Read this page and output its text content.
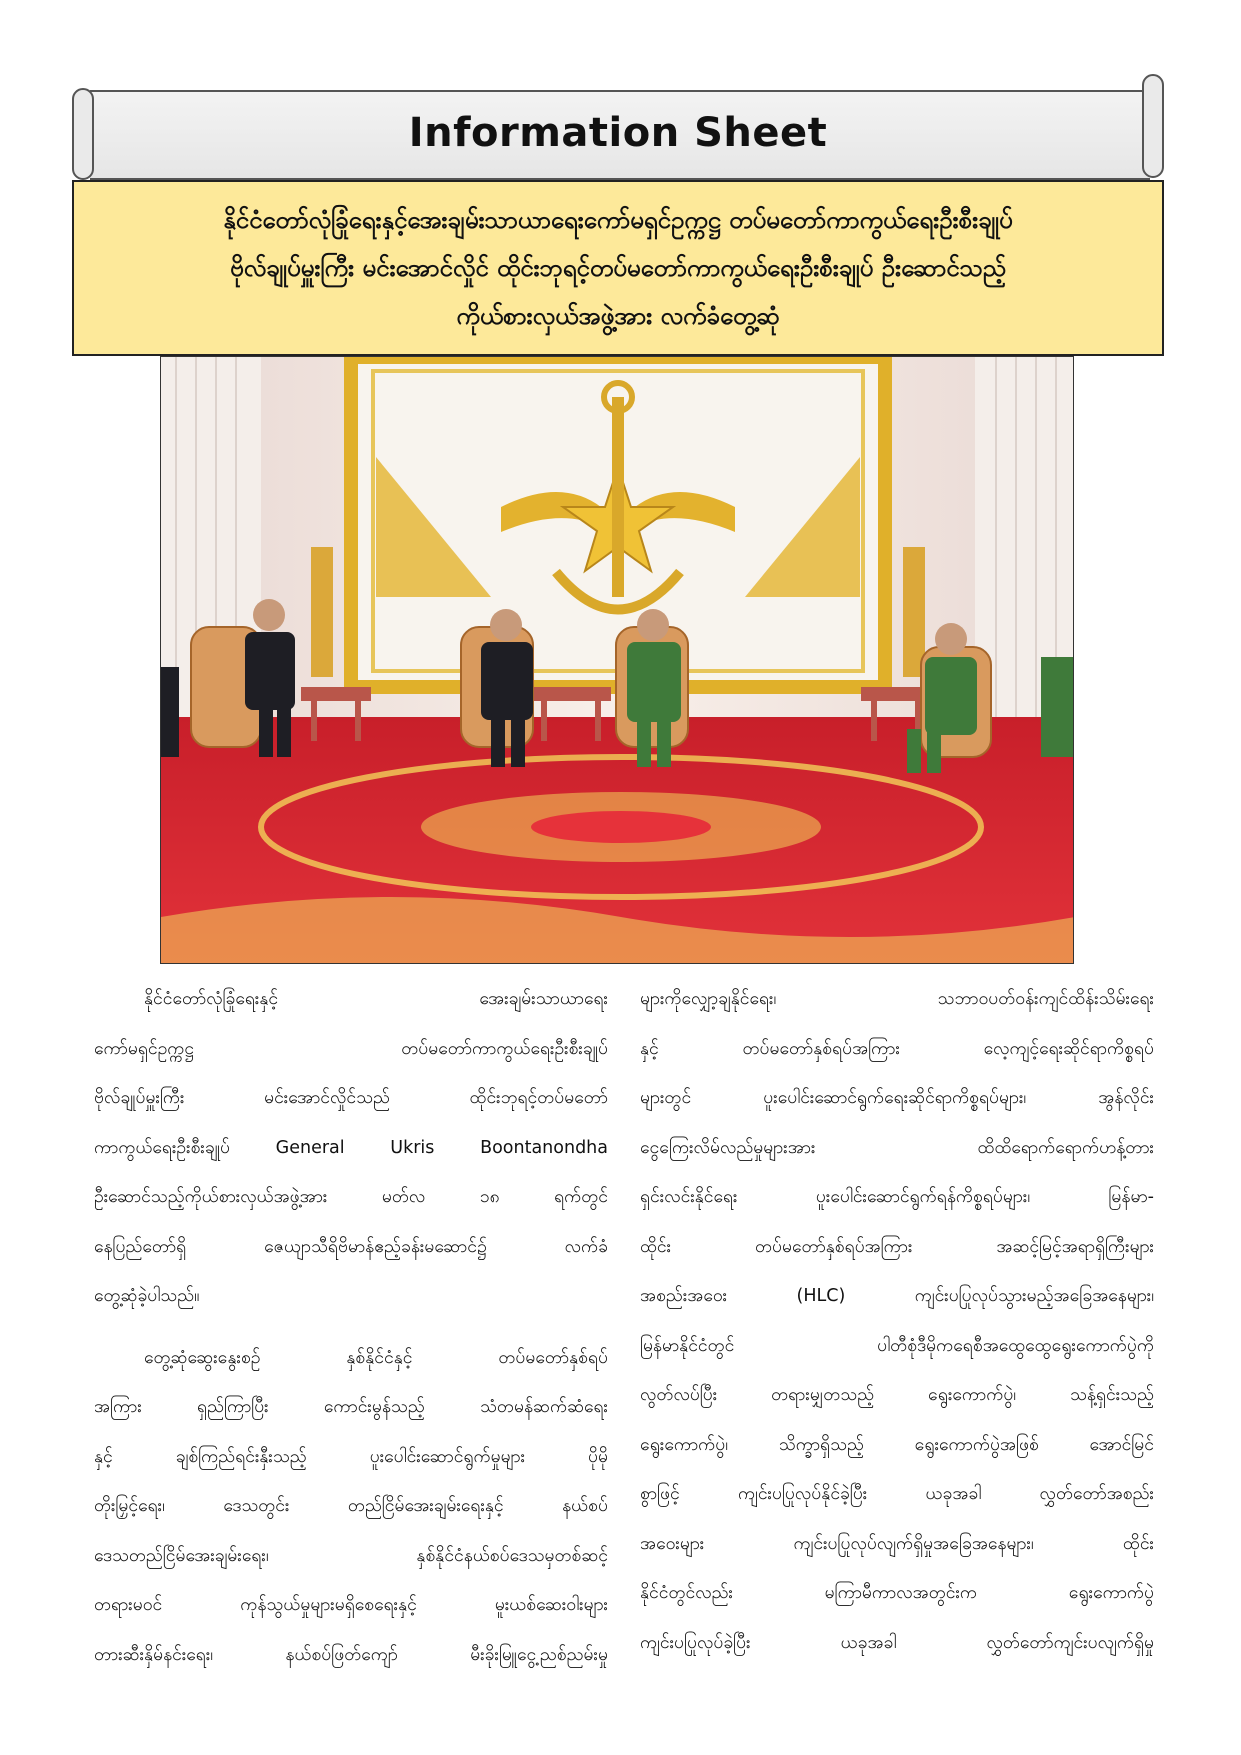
Information Sheet

နိုင်ငံတော်လုံခြုံရေးနှင့်အေးချမ်းသာယာရေးကော်မရှင်ဥက္ကဋ္ဌ တပ်မတော်ကာကွယ်ရေးဦးစီးချုပ်

ဗိုလ်ချုပ်မှူးကြီး မင်းအောင်လှိုင် ထိုင်းဘုရင့်တပ်မတော်ကာကွယ်ရေးဦးစီးချုပ် ဦးဆောင်သည့်

ကိုယ်စားလှယ်အဖွဲ့အား လက်ခံတွေ့ဆုံ

နိုင်ငံတော်လုံခြုံရေးနှင့် အေးချမ်းသာယာရေး
ကော်မရှင်ဥက္ကဋ္ဌ တပ်မတော်ကာကွယ်ရေးဦးစီးချုပ်
ဗိုလ်ချုပ်မှူးကြီး မင်းအောင်လှိုင်သည် ထိုင်းဘုရင့်တပ်မတော်
ကာကွယ်ရေးဦးစီးချုပ် General Ukris Boontanondha
ဦးဆောင်သည့်ကိုယ်စားလှယ်အဖွဲ့အား မတ်လ ၁၈ ရက်တွင်
နေပြည်တော်ရှိ ဇေယျာသီရိဗိမာန်ဧည့်ခန်းမဆောင်၌ လက်ခံ
တွေ့ဆုံခဲ့ပါသည်။
တွေ့ဆုံဆွေးနွေးစဉ် နှစ်နိုင်ငံနှင့် တပ်မတော်နှစ်ရပ်
အကြား ရှည်ကြာပြီး ကောင်းမွန်သည့် သံတမန်ဆက်ဆံရေး
နှင့် ချစ်ကြည်ရင်းနှီးသည့် ပူးပေါင်းဆောင်ရွက်မှုများ ပိုမို
တိုးမြှင့်ရေး၊ ဒေသတွင်း တည်ငြိမ်အေးချမ်းရေးနှင့် နယ်စပ်
ဒေသတည်ငြိမ်အေးချမ်းရေး၊ နှစ်နိုင်ငံနယ်စပ်ဒေသမှတစ်ဆင့်
တရားမဝင် ကုန်သွယ်မှုများမရှိစေရေးနှင့် မူးယစ်ဆေးဝါးများ
တားဆီးနှိမ်နင်းရေး၊ နယ်စပ်ဖြတ်ကျော် မီးခိုးမြူငွေ့ညစ်ညမ်းမှု
များကိုလျှော့ချနိုင်ရေး၊ သဘာဝပတ်ဝန်းကျင်ထိန်းသိမ်းရေး
နှင့် တပ်မတော်နှစ်ရပ်အကြား လေ့ကျင့်ရေးဆိုင်ရာကိစ္စရပ်
များတွင် ပူးပေါင်းဆောင်ရွက်ရေးဆိုင်ရာကိစ္စရပ်များ၊ အွန်လိုင်း
ငွေကြေးလိမ်လည်မှုများအား ထိထိရောက်ရောက်ဟန့်တား
ရှင်းလင်းနိုင်ရေး ပူးပေါင်းဆောင်ရွက်ရန်ကိစ္စရပ်များ၊ မြန်မာ-
ထိုင်း တပ်မတော်နှစ်ရပ်အကြား အဆင့်မြင့်အရာရှိကြီးများ
အစည်းအဝေး (HLC) ကျင်းပပြုလုပ်သွားမည့်အခြေအနေများ၊
မြန်မာနိုင်ငံတွင် ပါတီစုံဒီမိုကရေစီအထွေထွေရွေးကောက်ပွဲကို
လွတ်လပ်ပြီး တရားမျှတသည့် ရွေးကောက်ပွဲ၊ သန့်ရှင်းသည့်
ရွေးကောက်ပွဲ၊ သိက္ခာရှိသည့် ရွေးကောက်ပွဲအဖြစ် အောင်မြင်
စွာဖြင့် ကျင်းပပြုလုပ်နိုင်ခဲ့ပြီး ယခုအခါ လွှတ်တော်အစည်း
အဝေးများ ကျင်းပပြုလုပ်လျက်ရှိမှုအခြေအနေများ၊ ထိုင်း
နိုင်ငံတွင်လည်း မကြာမီကာလအတွင်းက ရွေးကောက်ပွဲ
ကျင်းပပြုလုပ်ခဲ့ပြီး ယခုအခါ လွှတ်တော်ကျင်းပလျက်ရှိမှု
